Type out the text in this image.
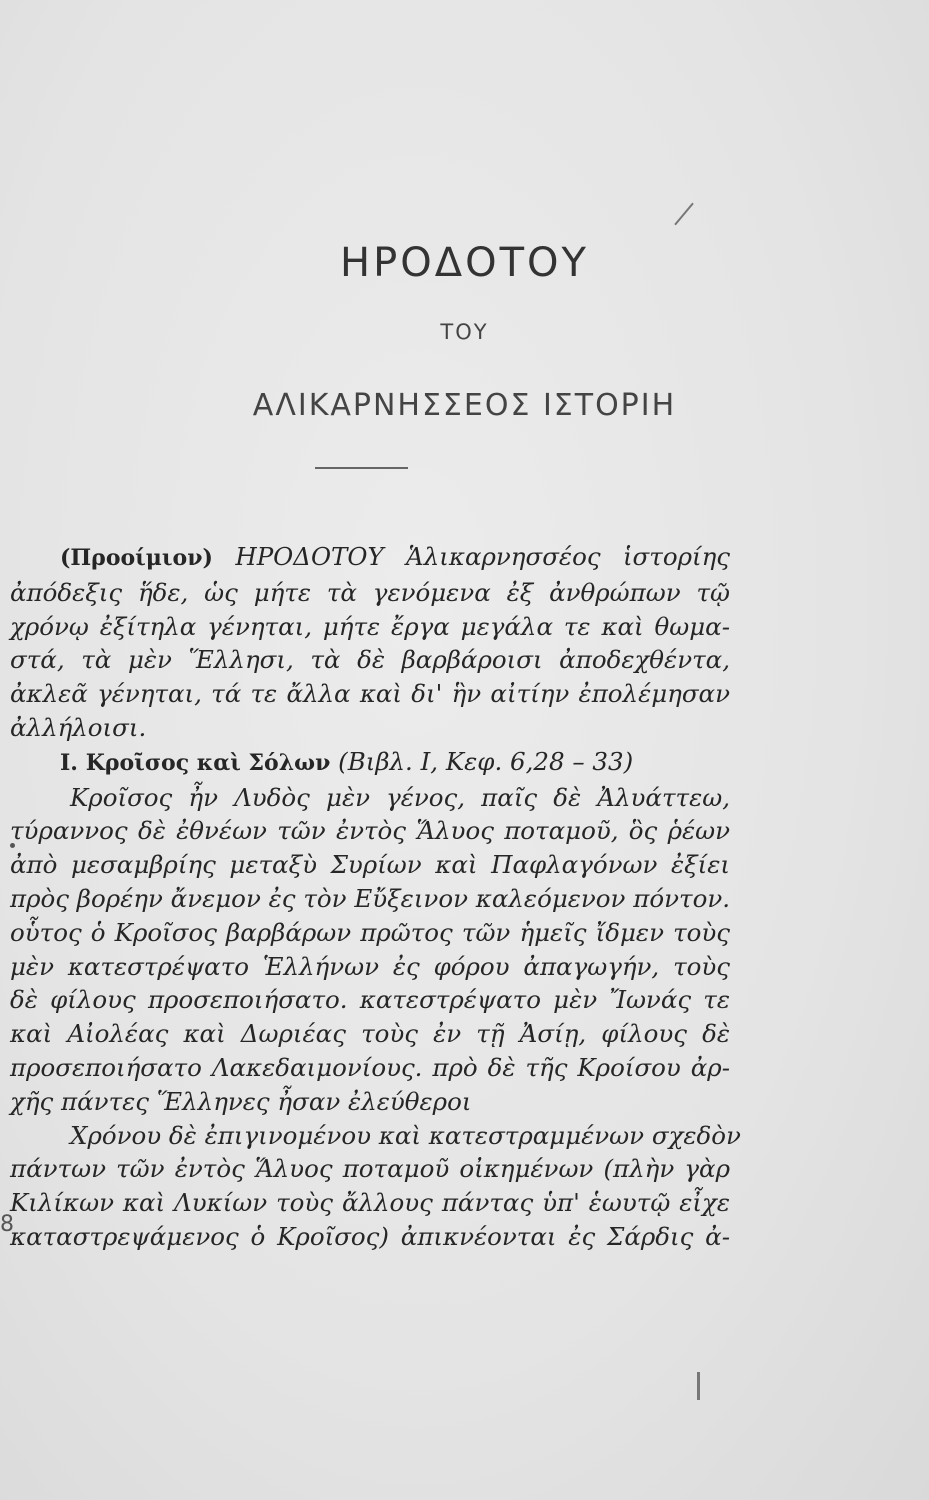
ΗΡΟΔΟΤΟΥ
ΤΟΥ
ΑΛΙΚΑΡΝΗΣΣΕΟΣ ΙΣΤΟΡΙΗ
8
(Προοίμιον) ΗΡΟΔΟΤΟΥ Ἁλικαρνησσέος ἱστορίης
ἀπόδεξις ἥδε, ὡς μήτε τὰ γενόμενα ἐξ ἀνθρώπων τῷ
χρόνῳ ἐξίτηλα γένηται, μήτε ἔργα μεγάλα τε καὶ θωμα-
στά, τὰ μὲν Ἕλλησι, τὰ δὲ βαρβάροισι ἀποδεχθέντα,
ἀκλεᾶ γένηται, τά τε ἄλλα καὶ δι' ἣν αἰτίην ἐπολέμησαν
ἀλλήλοισι.
I. Κροῖσος καὶ Σόλων (Βιβλ. Ι, Κεφ. 6,28 – 33)
Κροῖσος ἦν Λυδὸς μὲν γένος, παῖς δὲ Ἀλυάττεω,
τύραννος δὲ ἐθνέων τῶν ἐντὸς Ἅλυος ποταμοῦ, ὃς ῥέων
ἀπὸ μεσαμβρίης μεταξὺ Συρίων καὶ Παφλαγόνων ἐξίει
πρὸς βορέην ἄνεμον ἐς τὸν Εὔξεινον καλεόμενον πόντον.
οὗτος ὁ Κροῖσος βαρβάρων πρῶτος τῶν ἡμεῖς ἴδμεν τοὺς
μὲν κατεστρέψατο Ἑλλήνων ἐς φόρου ἀπαγωγήν, τοὺς
δὲ φίλους προσεποιήσατο. κατεστρέψατο μὲν Ἴωνάς τε
καὶ Αἰολέας καὶ Δωριέας τοὺς ἐν τῇ Ἀσίῃ, φίλους δὲ
προσεποιήσατο Λακεδαιμονίους. πρὸ δὲ τῆς Κροίσου ἀρ-
χῆς πάντες Ἕλληνες ἦσαν ἐλεύθεροι
Χρόνου δὲ ἐπιγινομένου καὶ κατεστραμμένων σχεδὸν
πάντων τῶν ἐντὸς Ἅλυος ποταμοῦ οἰκημένων (πλὴν γὰρ
Κιλίκων καὶ Λυκίων τοὺς ἄλλους πάντας ὑπ' ἑωυτῷ εἶχε
καταστρεψάμενος ὁ Κροῖσος) ἀπικνέονται ἐς Σάρδις ἀ-
